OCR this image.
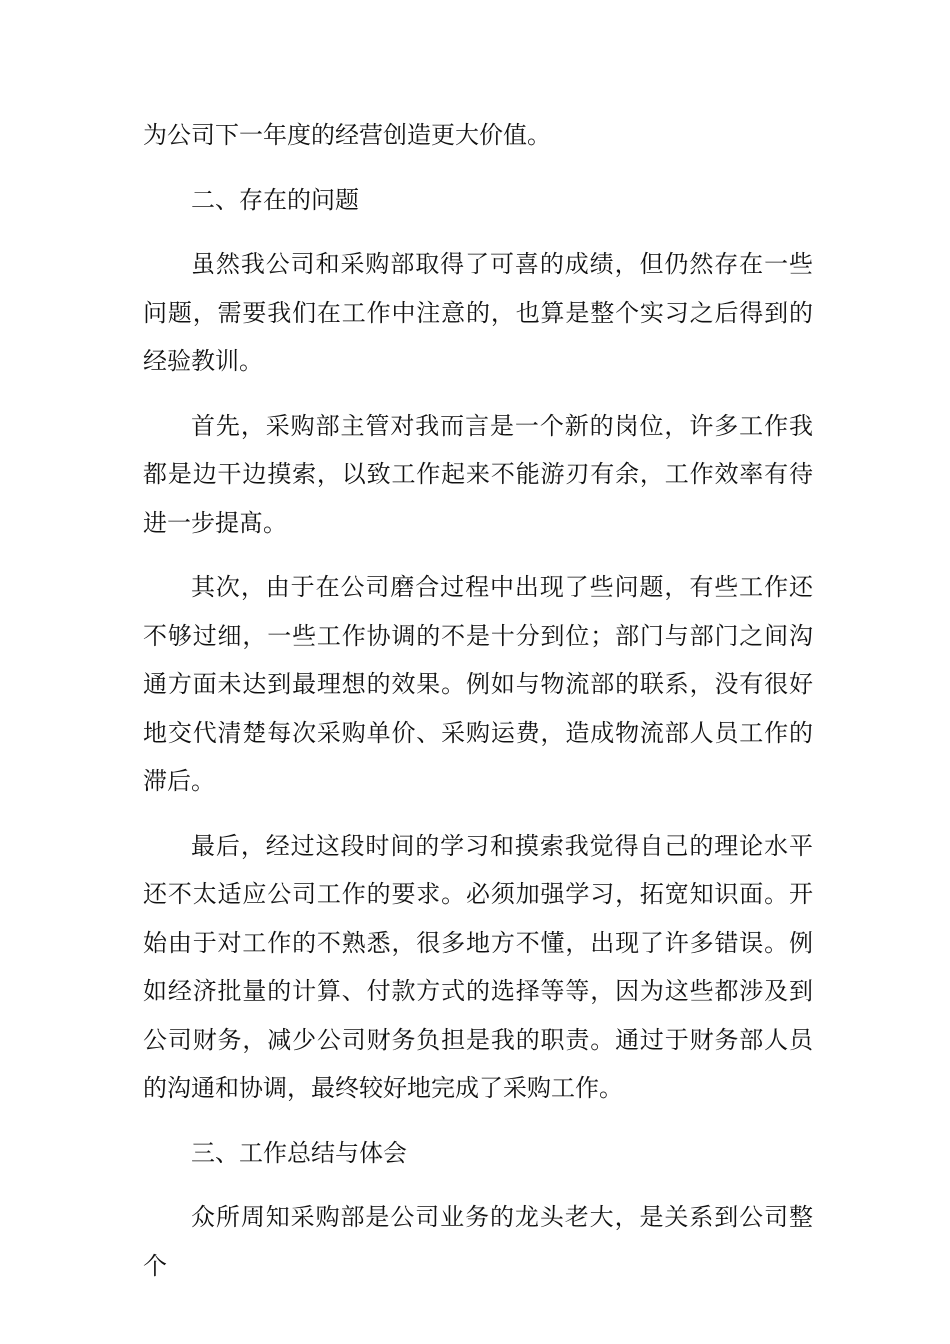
为公司下一年度的经营创造更大价值。

二、存在的问题

虽然我公司和采购部取得了可喜的成绩，但仍然存在一些问题，需要我们在工作中注意的，也算是整个实习之后得到的经验教训。

首先，采购部主管对我而言是一个新的岗位，许多工作我都是边干边摸索，以致工作起来不能游刃有余，工作效率有待进一步提髙。

其次，由于在公司磨合过程中出现了些问题，有些工作还不够过细，一些工作协调的不是十分到位；部门与部门之间沟通方面未达到最理想的效果。例如与物流部的联系，没有很好地交代清楚每次采购单价、采购运费，造成物流部人员工作的滞后。

最后，经过这段时间的学习和摸索我觉得自己的理论水平还不太适应公司工作的要求。必须加强学习，拓宽知识面。开始由于对工作的不熟悉，很多地方不懂，出现了许多错误。例如经济批量的计算、付款方式的选择等等，因为这些都涉及到公司财务，减少公司财务负担是我的职责。通过于财务部人员的沟通和协调，最终较好地完成了采购工作。

三、工作总结与体会

众所周知采购部是公司业务的龙头老大，是关系到公司整个
